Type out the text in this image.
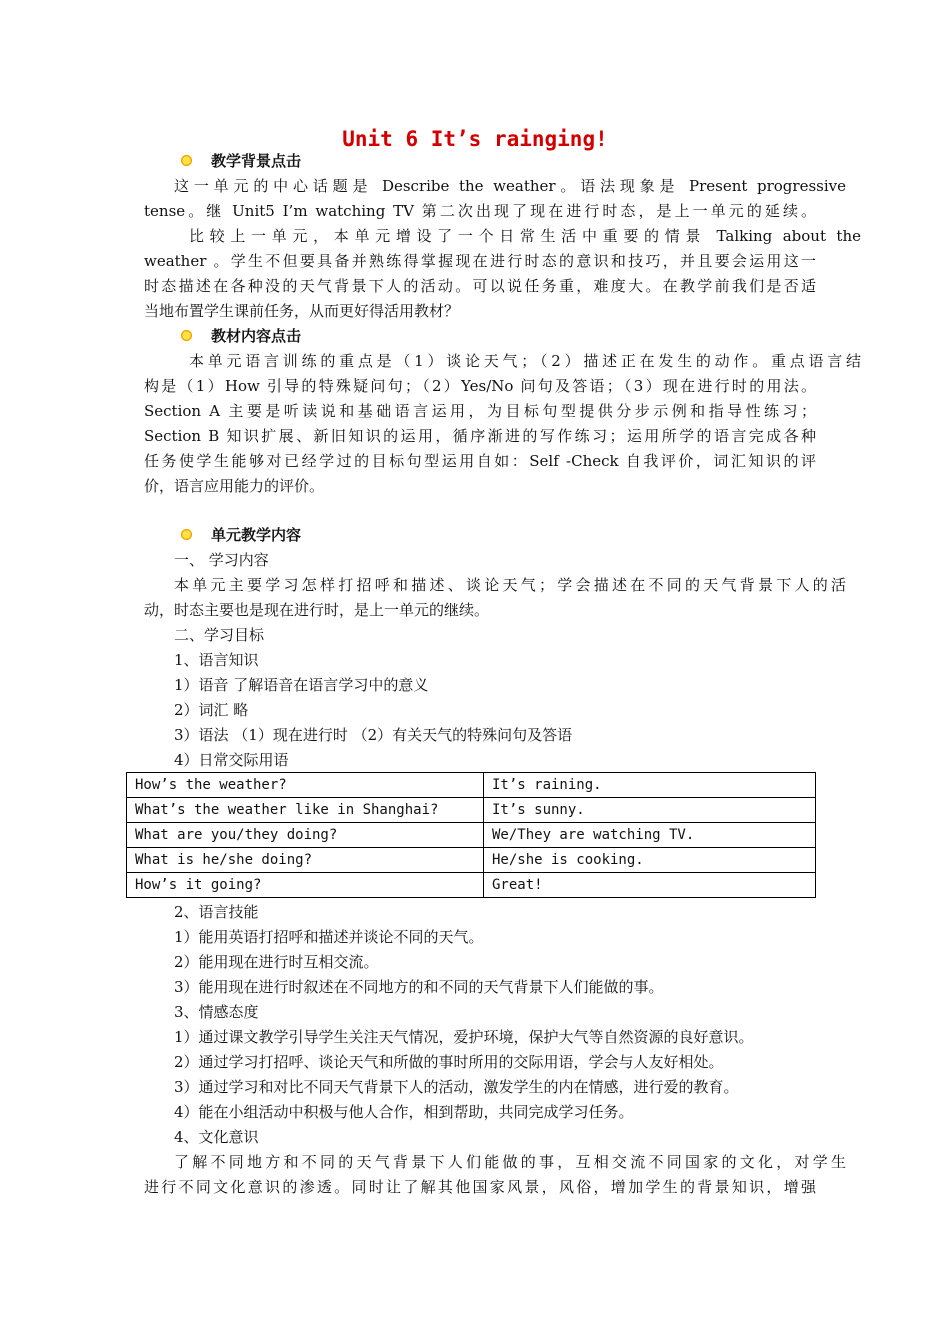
Unit 6 It’s rainging!
教学背景点击
这一单元的中心话题是 Describe the weather。语法现象是 Present progressive
tense。继 Unit5 I’m watching TV 第二次出现了现在进行时态，是上一单元的延续。
比较上一单元，本单元增设了一个日常生活中重要的情景 Talking about the
weather 。学生不但要具备并熟练得掌握现在进行时态的意识和技巧，并且要会运用这一
时态描述在各种没的天气背景下人的活动。可以说任务重，难度大。在教学前我们是否适
当地布置学生课前任务，从而更好得活用教材？
教材内容点击
本单元语言训练的重点是（1）谈论天气；（2）描述正在发生的动作。重点语言结
构是（1）How 引导的特殊疑问句；（2）Yes/No 问句及答语；（3）现在进行时的用法。
Section A 主要是听读说和基础语言运用，为目标句型提供分步示例和指导性练习；
Section B 知识扩展、新旧知识的运用，循序渐进的写作练习；运用所学的语言完成各种
任务使学生能够对已经学过的目标句型运用自如：Self -Check 自我评价，词汇知识的评
价，语言应用能力的评价。
单元教学内容
一、 学习内容
本单元主要学习怎样打招呼和描述、谈论天气；学会描述在不同的天气背景下人的活
动，时态主要也是现在进行时，是上一单元的继续。
二、学习目标
1、语言知识
1）语音 了解语音在语言学习中的意义
2）词汇 略
3）语法 （1）现在进行时 （2）有关天气的特殊问句及答语
4）日常交际用语
How’s the weather?	It’s raining.
What’s the weather like in Shanghai?	It’s sunny.
What are you/they doing?	We/They are watching TV.
What is he/she doing?	He/she is cooking.
How’s it going?	Great!
2、语言技能
1）能用英语打招呼和描述并谈论不同的天气。
2）能用现在进行时互相交流。
3）能用现在进行时叙述在不同地方的和不同的天气背景下人们能做的事。
3、情感态度
1）通过课文教学引导学生关注天气情况，爱护环境，保护大气等自然资源的良好意识。
2）通过学习打招呼、谈论天气和所做的事时所用的交际用语，学会与人友好相处。
3）通过学习和对比不同天气背景下人的活动，激发学生的内在情感，进行爱的教育。
4）能在小组活动中积极与他人合作，相到帮助，共同完成学习任务。
4、文化意识
了解不同地方和不同的天气背景下人们能做的事，互相交流不同国家的文化，对学生
进行不同文化意识的渗透。同时让了解其他国家风景，风俗，增加学生的背景知识，增强
